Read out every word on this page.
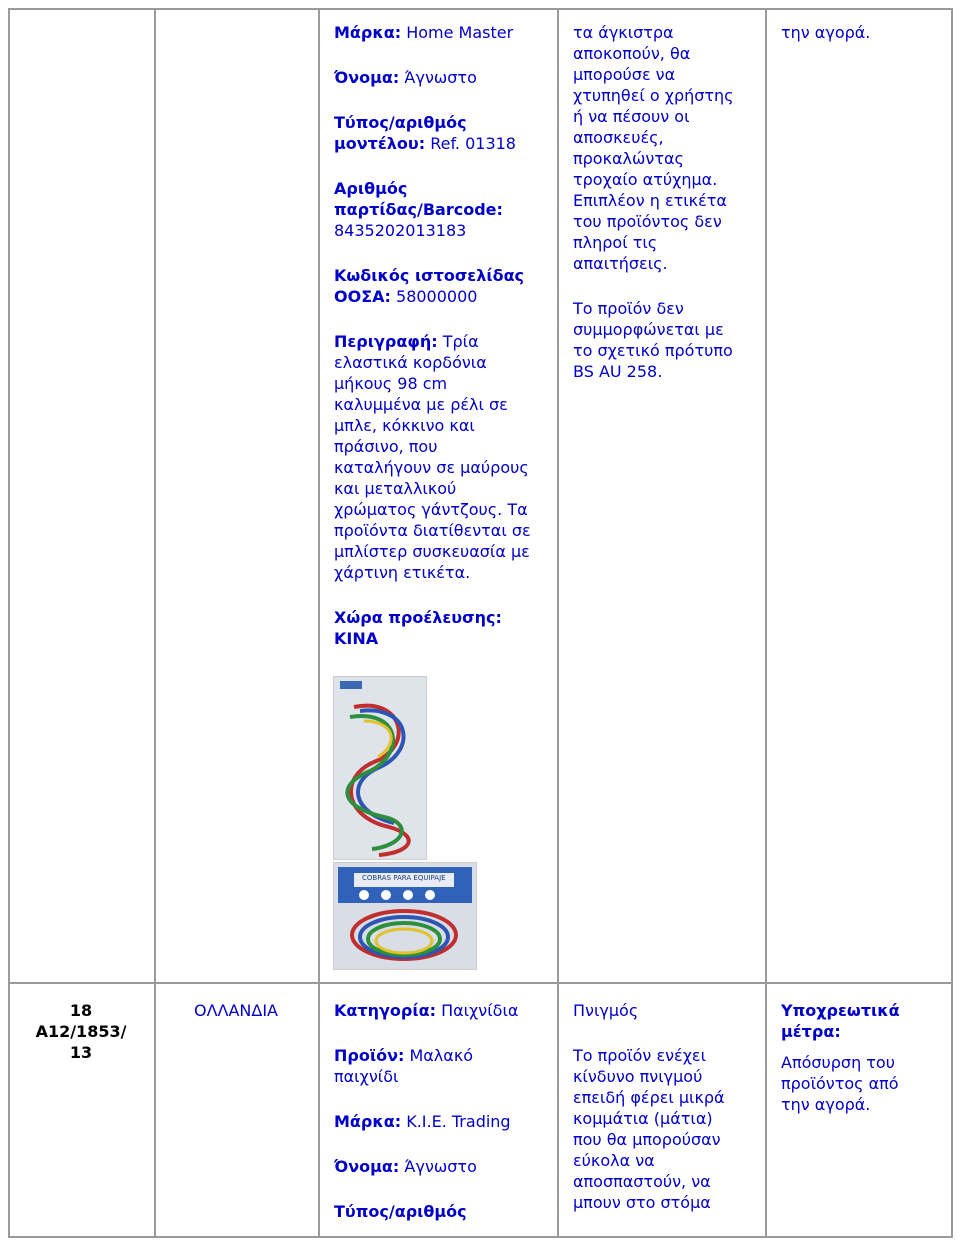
Μάρκα: Home Master

Όνομα: Άγνωστο

Τύπος/αριθμός

μοντέλου: Ref. 01318

Αριθμός

παρτίδας/Barcode:

8435202013183

Κωδικός ιστοσελίδας

ΟΟΣΑ: 58000000

Περιγραφή: Τρία

ελαστικά κορδόνια

μήκους 98 cm

καλυμμένα με ρέλι σε

μπλε, κόκκινο και

πράσινο, που

καταλήγουν σε μαύρους

και μεταλλικού

χρώματος γάντζους. Τα

προϊόντα διατίθενται σε

μπλίστερ συσκευασία με

χάρτινη ετικέτα.

Χώρα προέλευσης:

ΚΙΝΑ

COBRAS PARA EQUIPAJE

τα άγκιστρα

αποκοπούν, θα

μπορούσε να

χτυπηθεί ο χρήστης

ή να πέσουν οι

αποσκευές,

προκαλώντας

τροχαίο ατύχημα.

Επιπλέον η ετικέτα

του προϊόντος δεν

πληροί τις

απαιτήσεις.

Το προϊόν δεν

συμμορφώνεται με

το σχετικό πρότυπο

BS AU 258.

την αγορά.

18

A12/1853/

13

ΟΛΛΑΝΔΙΑ	Κατηγορία: Παιχνίδια

Προϊόν: Μαλακό

παιχνίδι

Μάρκα: K.I.E. Trading

Όνομα: Άγνωστο

Τύπος/αριθμός

Πνιγμός

Το προϊόν ενέχει

κίνδυνο πνιγμού

επειδή φέρει μικρά

κομμάτια (μάτια)

που θα μπορούσαν

εύκολα να

αποσπαστούν, να

μπουν στο στόμα

Υποχρεωτικά

μέτρα:

Απόσυρση του

προϊόντος από

την αγορά.
